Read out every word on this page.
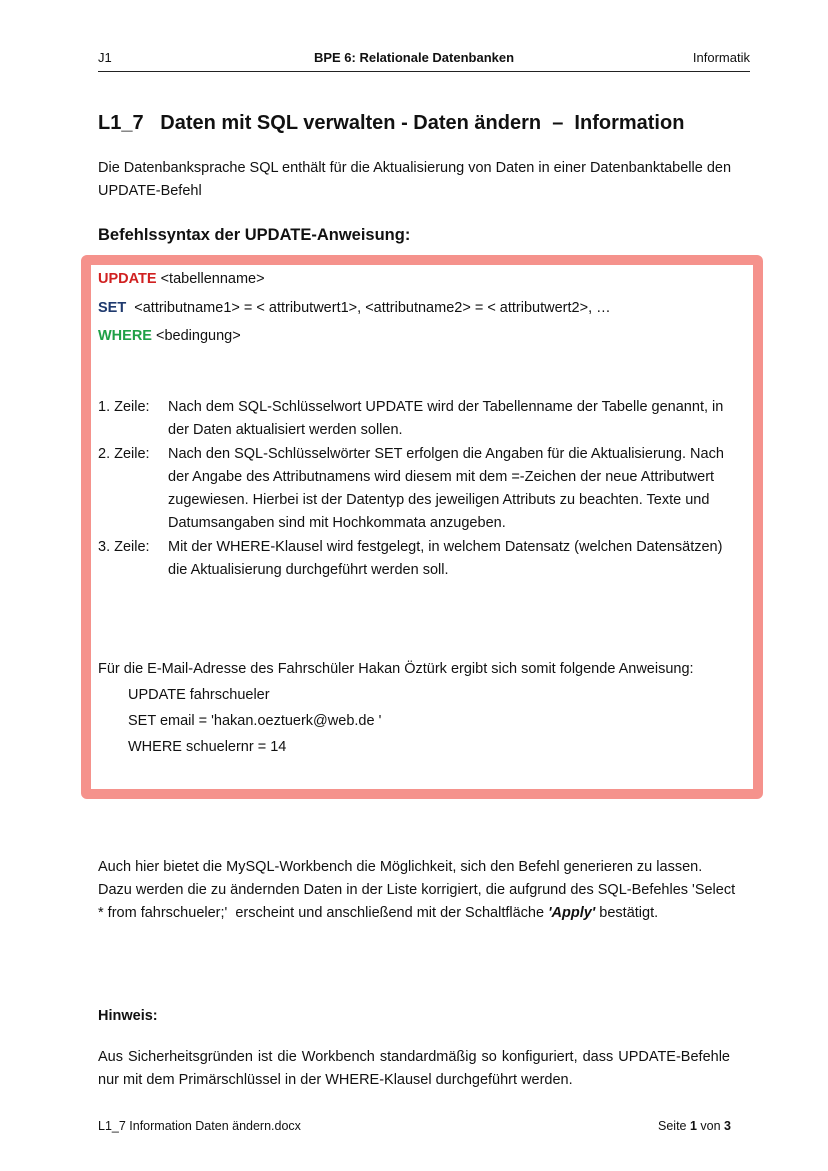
J1	BPE 6: Relationale Datenbanken	Informatik
L1_7   Daten mit SQL verwalten - Daten ändern  –  Information
Die Datenbanksprache SQL enthält für die Aktualisierung von Daten in einer Datenbanktabelle den UPDATE-Befehl
Befehlssyntax der UPDATE-Anweisung:
UPDATE <tabellenname>
SET  <attributname1> = < attributwert1>, <attributname2> = < attributwert2>, …
WHERE <bedingung>
1. Zeile:	Nach dem SQL-Schlüsselwort UPDATE wird der Tabellenname der Tabelle genannt, in der Daten aktualisiert werden sollen.
2. Zeile:	Nach den SQL-Schlüsselwörter SET erfolgen die Angaben für die Aktualisierung. Nach der Angabe des Attributnamens wird diesem mit dem =-Zeichen der neue Attributwert zugewiesen. Hierbei ist der Datentyp des jeweiligen Attributs zu beachten. Texte und Datumsangaben sind mit Hochkommata anzugeben.
3. Zeile:	Mit der WHERE-Klausel wird festgelegt, in welchem Datensatz (welchen Datensätzen) die Aktualisierung durchgeführt werden soll.
Für die E-Mail-Adresse des Fahrschüler Hakan Öztürk ergibt sich somit folgende Anweisung:
UPDATE fahrschueler
SET email = 'hakan.oeztuerk@web.de '
WHERE schuelernr = 14
Auch hier bietet die MySQL-Workbench die Möglichkeit, sich den Befehl generieren zu lassen. Dazu werden die zu ändernden Daten in der Liste korrigiert, die aufgrund des SQL-Befehles 'Select * from fahrschueler;'  erscheint und anschließend mit der Schaltfläche 'Apply' bestätigt.
Hinweis:
Aus Sicherheitsgründen ist die Workbench standardmäßig so konfiguriert, dass UPDATE-Befehle nur mit dem Primärschlüssel in der WHERE-Klausel durchgeführt werden.
L1_7 Information Daten ändern.docx	Seite 1 von 3
